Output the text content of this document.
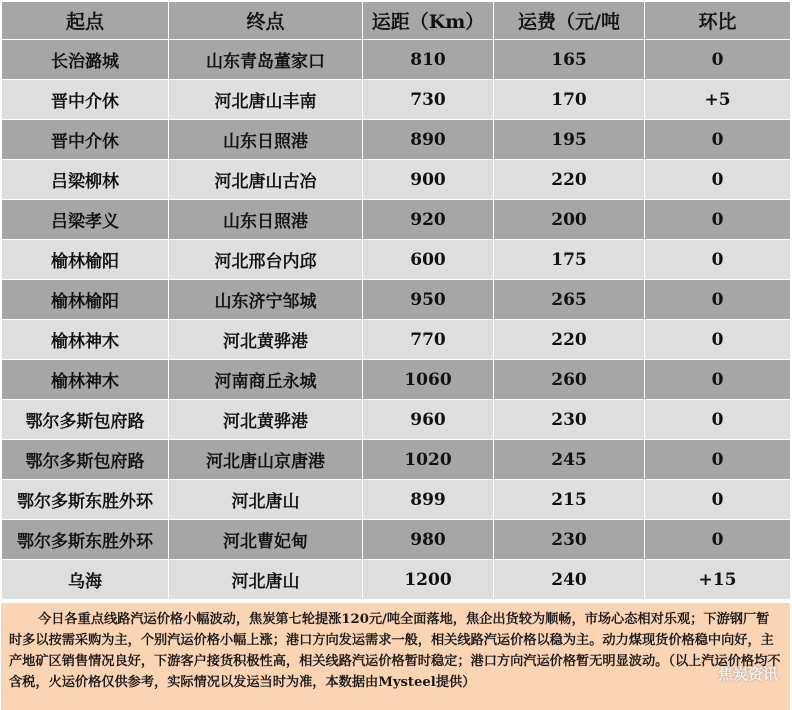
起点	终点	运距（Km）	运费（元/吨	环比
长治潞城	山东青岛董家口	810	165	0
晋中介休	河北唐山丰南	730	170	+5
晋中介休	山东日照港	890	195	0
吕梁柳林	河北唐山古冶	900	220	0
吕梁孝义	山东日照港	920	200	0
榆林榆阳	河北邢台内邱	600	175	0
榆林榆阳	山东济宁邹城	950	265	0
榆林神木	河北黄骅港	770	220	0
榆林神木	河南商丘永城	1060	260	0
鄂尔多斯包府路	河北黄骅港	960	230	0
鄂尔多斯包府路	河北唐山京唐港	1020	245	0
鄂尔多斯东胜外环	河北唐山	899	215	0
鄂尔多斯东胜外环	河北曹妃甸	980	230	0
乌海	河北唐山	1200	240	+15
今日各重点线路汽运价格小幅波动，焦炭第七轮提涨120元/吨全面落地，焦企出货较为顺畅，市场心态相对乐观；下游钢厂暂时多以按需采购为主，个别汽运价格小幅上涨；港口方向发运需求一般，相关线路汽运价格以稳为主。动力煤现货价格稳中向好，主产地矿区销售情况良好，下游客户接货积极性高，相关线路汽运价格暂时稳定；港口方向汽运价格暂无明显波动。（以上汽运价格均不含税，火运价格仅供参考，实际情况以发运当时为准，本数据由Mysteel提供）	焦炭资讯
